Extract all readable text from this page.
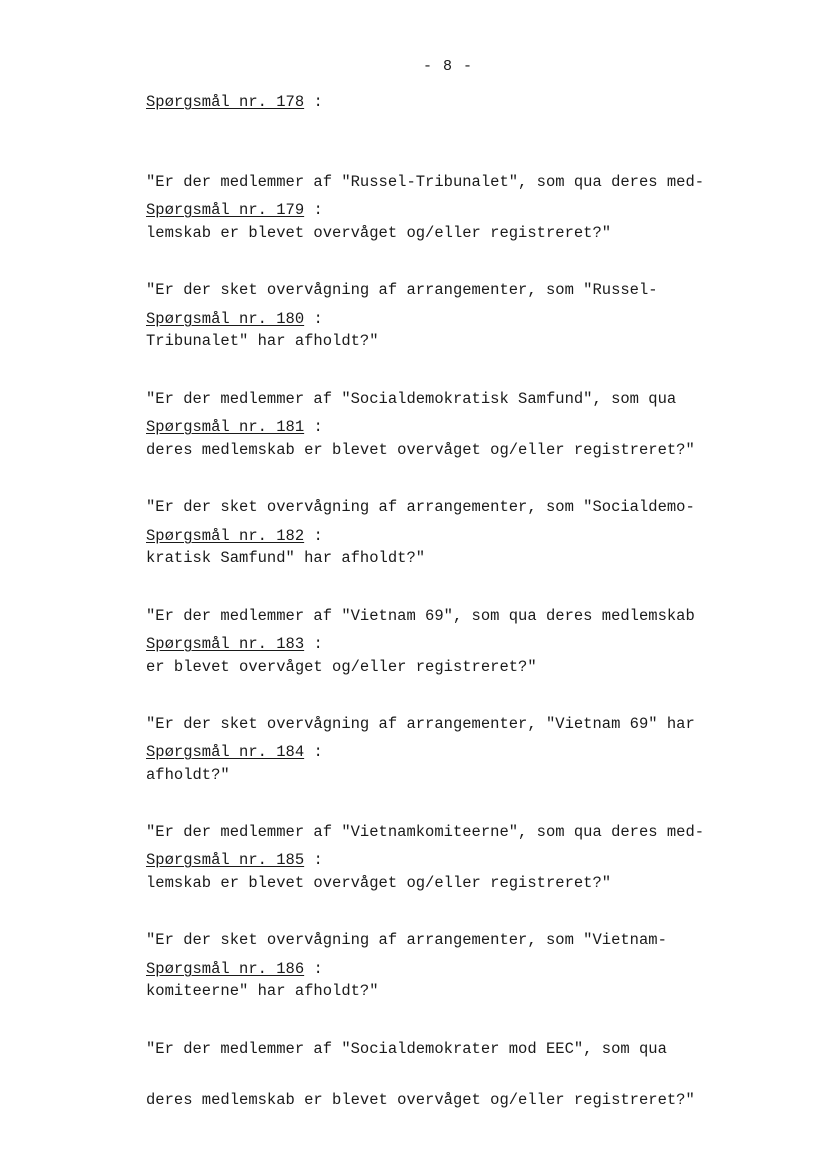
- 8 -
Spørgsmål nr. 178 :

"Er der medlemmer af "Russel-Tribunalet", som qua deres med-

lemskab er blevet overvåget og/eller registreret?"

Spørgsmål nr. 179 :

"Er der sket overvågning af arrangementer, som "Russel-

Tribunalet" har afholdt?"

Spørgsmål nr. 180 :

"Er der medlemmer af "Socialdemokratisk Samfund", som qua

deres medlemskab er blevet overvåget og/eller registreret?"

Spørgsmål nr. 181 :

"Er der sket overvågning af arrangementer, som "Socialdemo-

kratisk Samfund" har afholdt?"

Spørgsmål nr. 182 :

"Er der medlemmer af "Vietnam 69", som qua deres medlemskab

er blevet overvåget og/eller registreret?"

Spørgsmål nr. 183 :

"Er der sket overvågning af arrangementer, "Vietnam 69" har

afholdt?"

Spørgsmål nr. 184 :

"Er der medlemmer af "Vietnamkomiteerne", som qua deres med-

lemskab er blevet overvåget og/eller registreret?"

Spørgsmål nr. 185 :

"Er der sket overvågning af arrangementer, som "Vietnam-

komiteerne" har afholdt?"

Spørgsmål nr. 186 :

"Er der medlemmer af "Socialdemokrater mod EEC", som qua

deres medlemskab er blevet overvåget og/eller registreret?"
